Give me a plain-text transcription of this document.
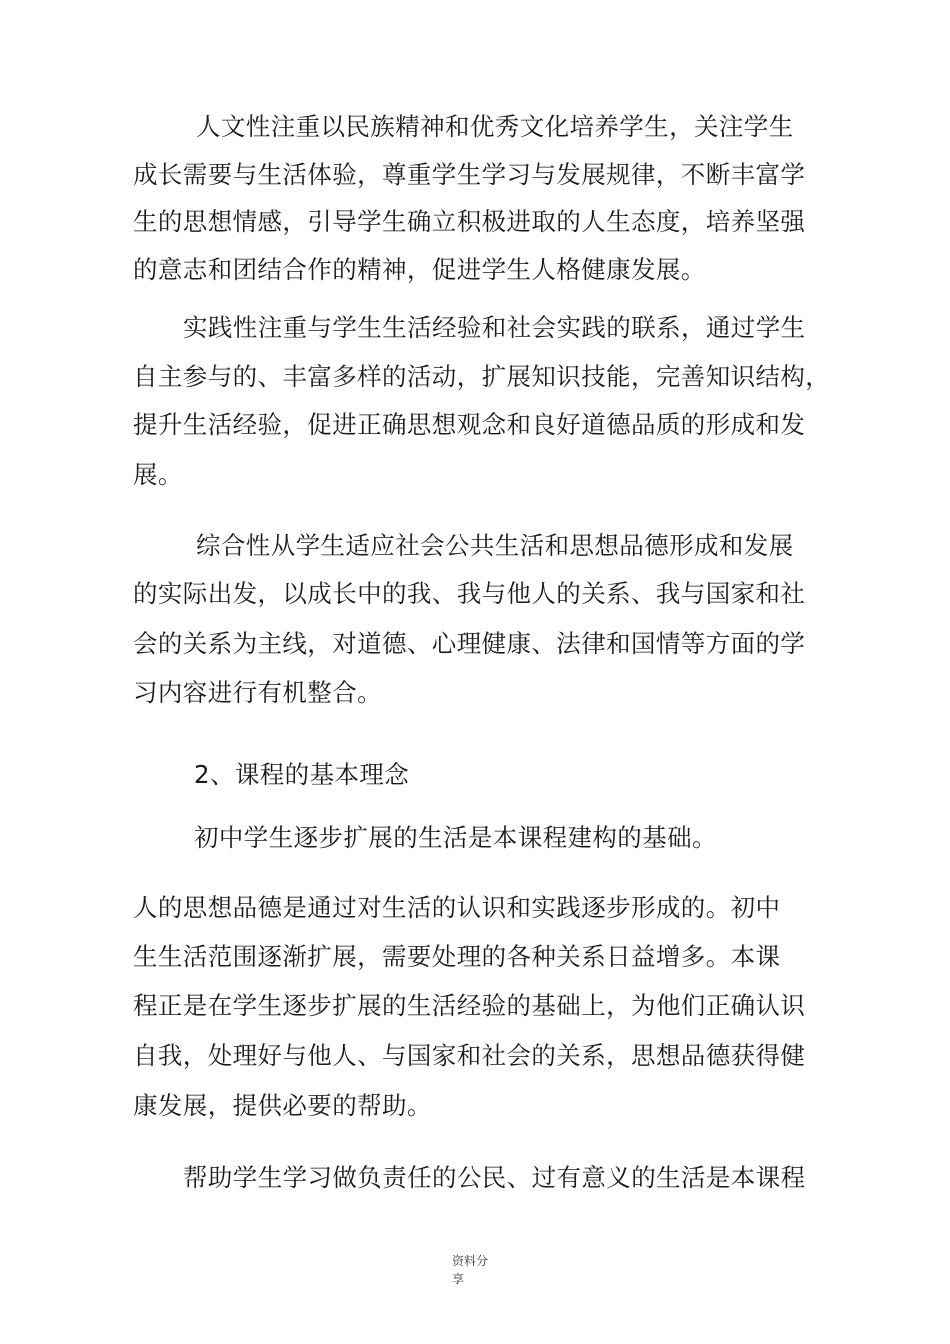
人文性注重以民族精神和优秀文化培养学生，关注学生
成长需要与生活体验，尊重学生学习与发展规律，不断丰富学
生的思想情感，引导学生确立积极进取的人生态度，培养坚强
的意志和团结合作的精神，促进学生人格健康发展。
实践性注重与学生生活经验和社会实践的联系，通过学生
自主参与的、丰富多样的活动，扩展知识技能，完善知识结构，
提升生活经验，促进正确思想观念和良好道德品质的形成和发
展。
综合性从学生适应社会公共生活和思想品德形成和发展
的实际出发，以成长中的我、我与他人的关系、我与国家和社
会的关系为主线，对道德、心理健康、法律和国情等方面的学
习内容进行有机整合。
2、课程的基本理念
初中学生逐步扩展的生活是本课程建构的基础。
人的思想品德是通过对生活的认识和实践逐步形成的。初中
生生活范围逐渐扩展，需要处理的各种关系日益增多。本课
程正是在学生逐步扩展的生活经验的基础上，为他们正确认识
自我，处理好与他人、与国家和社会的关系，思想品德获得健
康发展，提供必要的帮助。
帮助学生学习做负责任的公民、过有意义的生活是本课程
资料分
享
